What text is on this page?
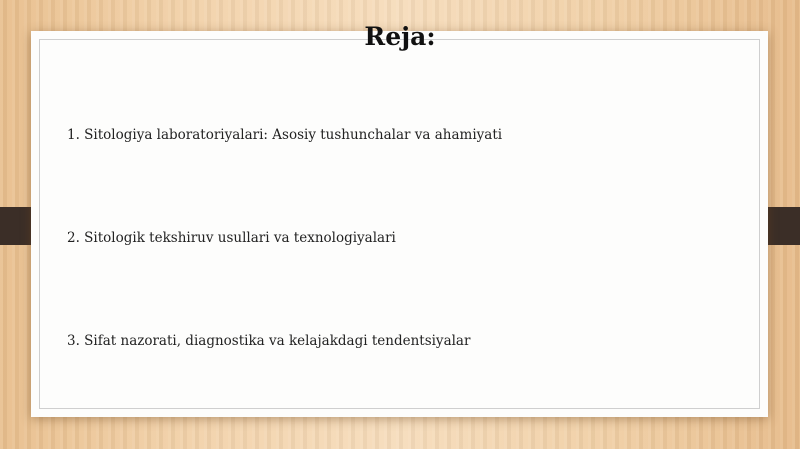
Reja:
1. Sitologiya laboratoriyalari: Asosiy tushunchalar va ahamiyati
2. Sitologik tekshiruv usullari va texnologiyalari
3. Sifat nazorati, diagnostika va kelajakdagi tendentsiyalar
